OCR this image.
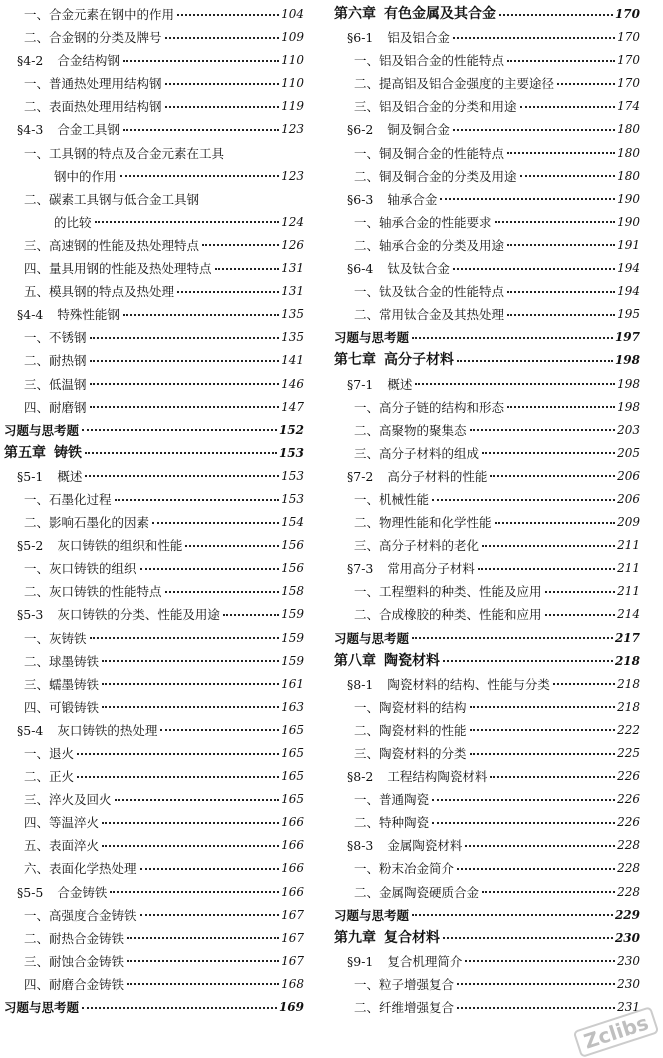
一、合金元素在钢中的作用	104
二、合金钢的分类及牌号	109
§4-2 合金结构钢	110
一、普通热处理用结构钢	110
二、表面热处理用结构钢	119
§4-3 合金工具钢	123
一、工具钢的特点及合金元素在工具
钢中的作用	123
二、碳素工具钢与低合金工具钢
的比较	124
三、高速钢的性能及热处理特点	126
四、量具用钢的性能及热处理特点	131
五、模具钢的特点及热处理	131
§4-4 特殊性能钢	135
一、不锈钢	135
二、耐热钢	141
三、低温钢	146
四、耐磨钢	147
习题与思考题	152
第五章 铸铁	153
§5-1 概述	153
一、石墨化过程	153
二、影响石墨化的因素	154
§5-2 灰口铸铁的组织和性能	156
一、灰口铸铁的组织	156
二、灰口铸铁的性能特点	158
§5-3 灰口铸铁的分类、性能及用途	159
一、灰铸铁	159
二、球墨铸铁	159
三、蠕墨铸铁	161
四、可锻铸铁	163
§5-4 灰口铸铁的热处理	165
一、退火	165
二、正火	165
三、淬火及回火	165
四、等温淬火	166
五、表面淬火	166
六、表面化学热处理	166
§5-5 合金铸铁	166
一、高强度合金铸铁	167
二、耐热合金铸铁	167
三、耐蚀合金铸铁	167
四、耐磨合金铸铁	168
习题与思考题	169
第六章 有色金属及其合金	170
§6-1 铝及铝合金	170
一、铝及铝合金的性能特点	170
二、提高铝及铝合金强度的主要途径	170
三、铝及铝合金的分类和用途	174
§6-2 铜及铜合金	180
一、铜及铜合金的性能特点	180
二、铜及铜合金的分类及用途	180
§6-3 轴承合金	190
一、轴承合金的性能要求	190
二、轴承合金的分类及用途	191
§6-4 钛及钛合金	194
一、钛及钛合金的性能特点	194
二、常用钛合金及其热处理	195
习题与思考题	197
第七章 高分子材料	198
§7-1 概述	198
一、高分子链的结构和形态	198
二、高聚物的聚集态	203
三、高分子材料的组成	205
§7-2 高分子材料的性能	206
一、机械性能	206
二、物理性能和化学性能	209
三、高分子材料的老化	211
§7-3 常用高分子材料	211
一、工程塑料的种类、性能及应用	211
二、合成橡胶的种类、性能和应用	214
习题与思考题	217
第八章 陶瓷材料	218
§8-1 陶瓷材料的结构、性能与分类	218
一、陶瓷材料的结构	218
二、陶瓷材料的性能	222
三、陶瓷材料的分类	225
§8-2 工程结构陶瓷材料	226
一、普通陶瓷	226
二、特种陶瓷	226
§8-3 金属陶瓷材料	228
一、粉末冶金简介	228
二、金属陶瓷硬质合金	228
习题与思考题	229
第九章 复合材料	230
§9-1 复合机理简介	230
一、粒子增强复合	230
二、纤维增强复合	231
Zclibs
